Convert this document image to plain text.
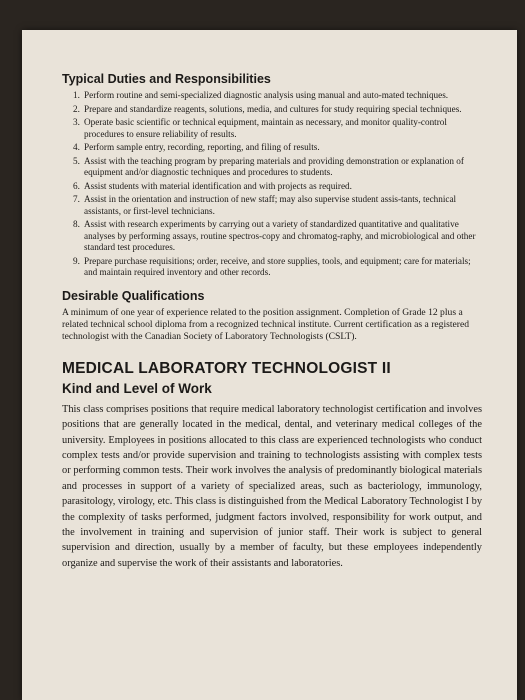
Typical Duties and Responsibilities
1. Perform routine and semi-specialized diagnostic analysis using manual and auto-mated techniques.
2. Prepare and standardize reagents, solutions, media, and cultures for study requiring special techniques.
3. Operate basic scientific or technical equipment, maintain as necessary, and monitor quality-control procedures to ensure reliability of results.
4. Perform sample entry, recording, reporting, and filing of results.
5. Assist with the teaching program by preparing materials and providing demonstration or explanation of equipment and/or diagnostic techniques and procedures to students.
6. Assist students with material identification and with projects as required.
7. Assist in the orientation and instruction of new staff; may also supervise student assis-tants, technical assistants, or first-level technicians.
8. Assist with research experiments by carrying out a variety of standardized quantitative and qualitative analyses by performing assays, routine spectros-copy and chromatog-raphy, and microbiological and other standard test procedures.
9. Prepare purchase requisitions; order, receive, and store supplies, tools, and equipment; care for materials; and maintain required inventory and other records.
Desirable Qualifications

A minimum of one year of experience related to the position assignment. Completion of Grade 12 plus a related technical school diploma from a recognized technical institute. Current certification as a registered technologist with the Canadian Society of Laboratory Technologists (CSLT).

MEDICAL LABORATORY TECHNOLOGIST II
Kind and Level of Work

This class comprises positions that require medical laboratory technologist certification and involves positions that are generally located in the medical, dental, and veterinary medical colleges of the university. Employees in positions allocated to this class are experienced technologists who conduct complex tests and/or provide supervision and training to technologists assisting with complex tests or performing common tests. Their work involves the analysis of predominantly biological materials and processes in support of a variety of specialized areas, such as bacteriology, immunology, parasitology, virology, etc. This class is distinguished from the Medical Laboratory Technologist I by the complexity of tasks performed, judgment factors involved, responsibility for work output, and the involvement in training and supervision of junior staff. Their work is subject to general supervision and direction, usually by a member of faculty, but these employees independently organize and supervise the work of their assistants and laboratories.
